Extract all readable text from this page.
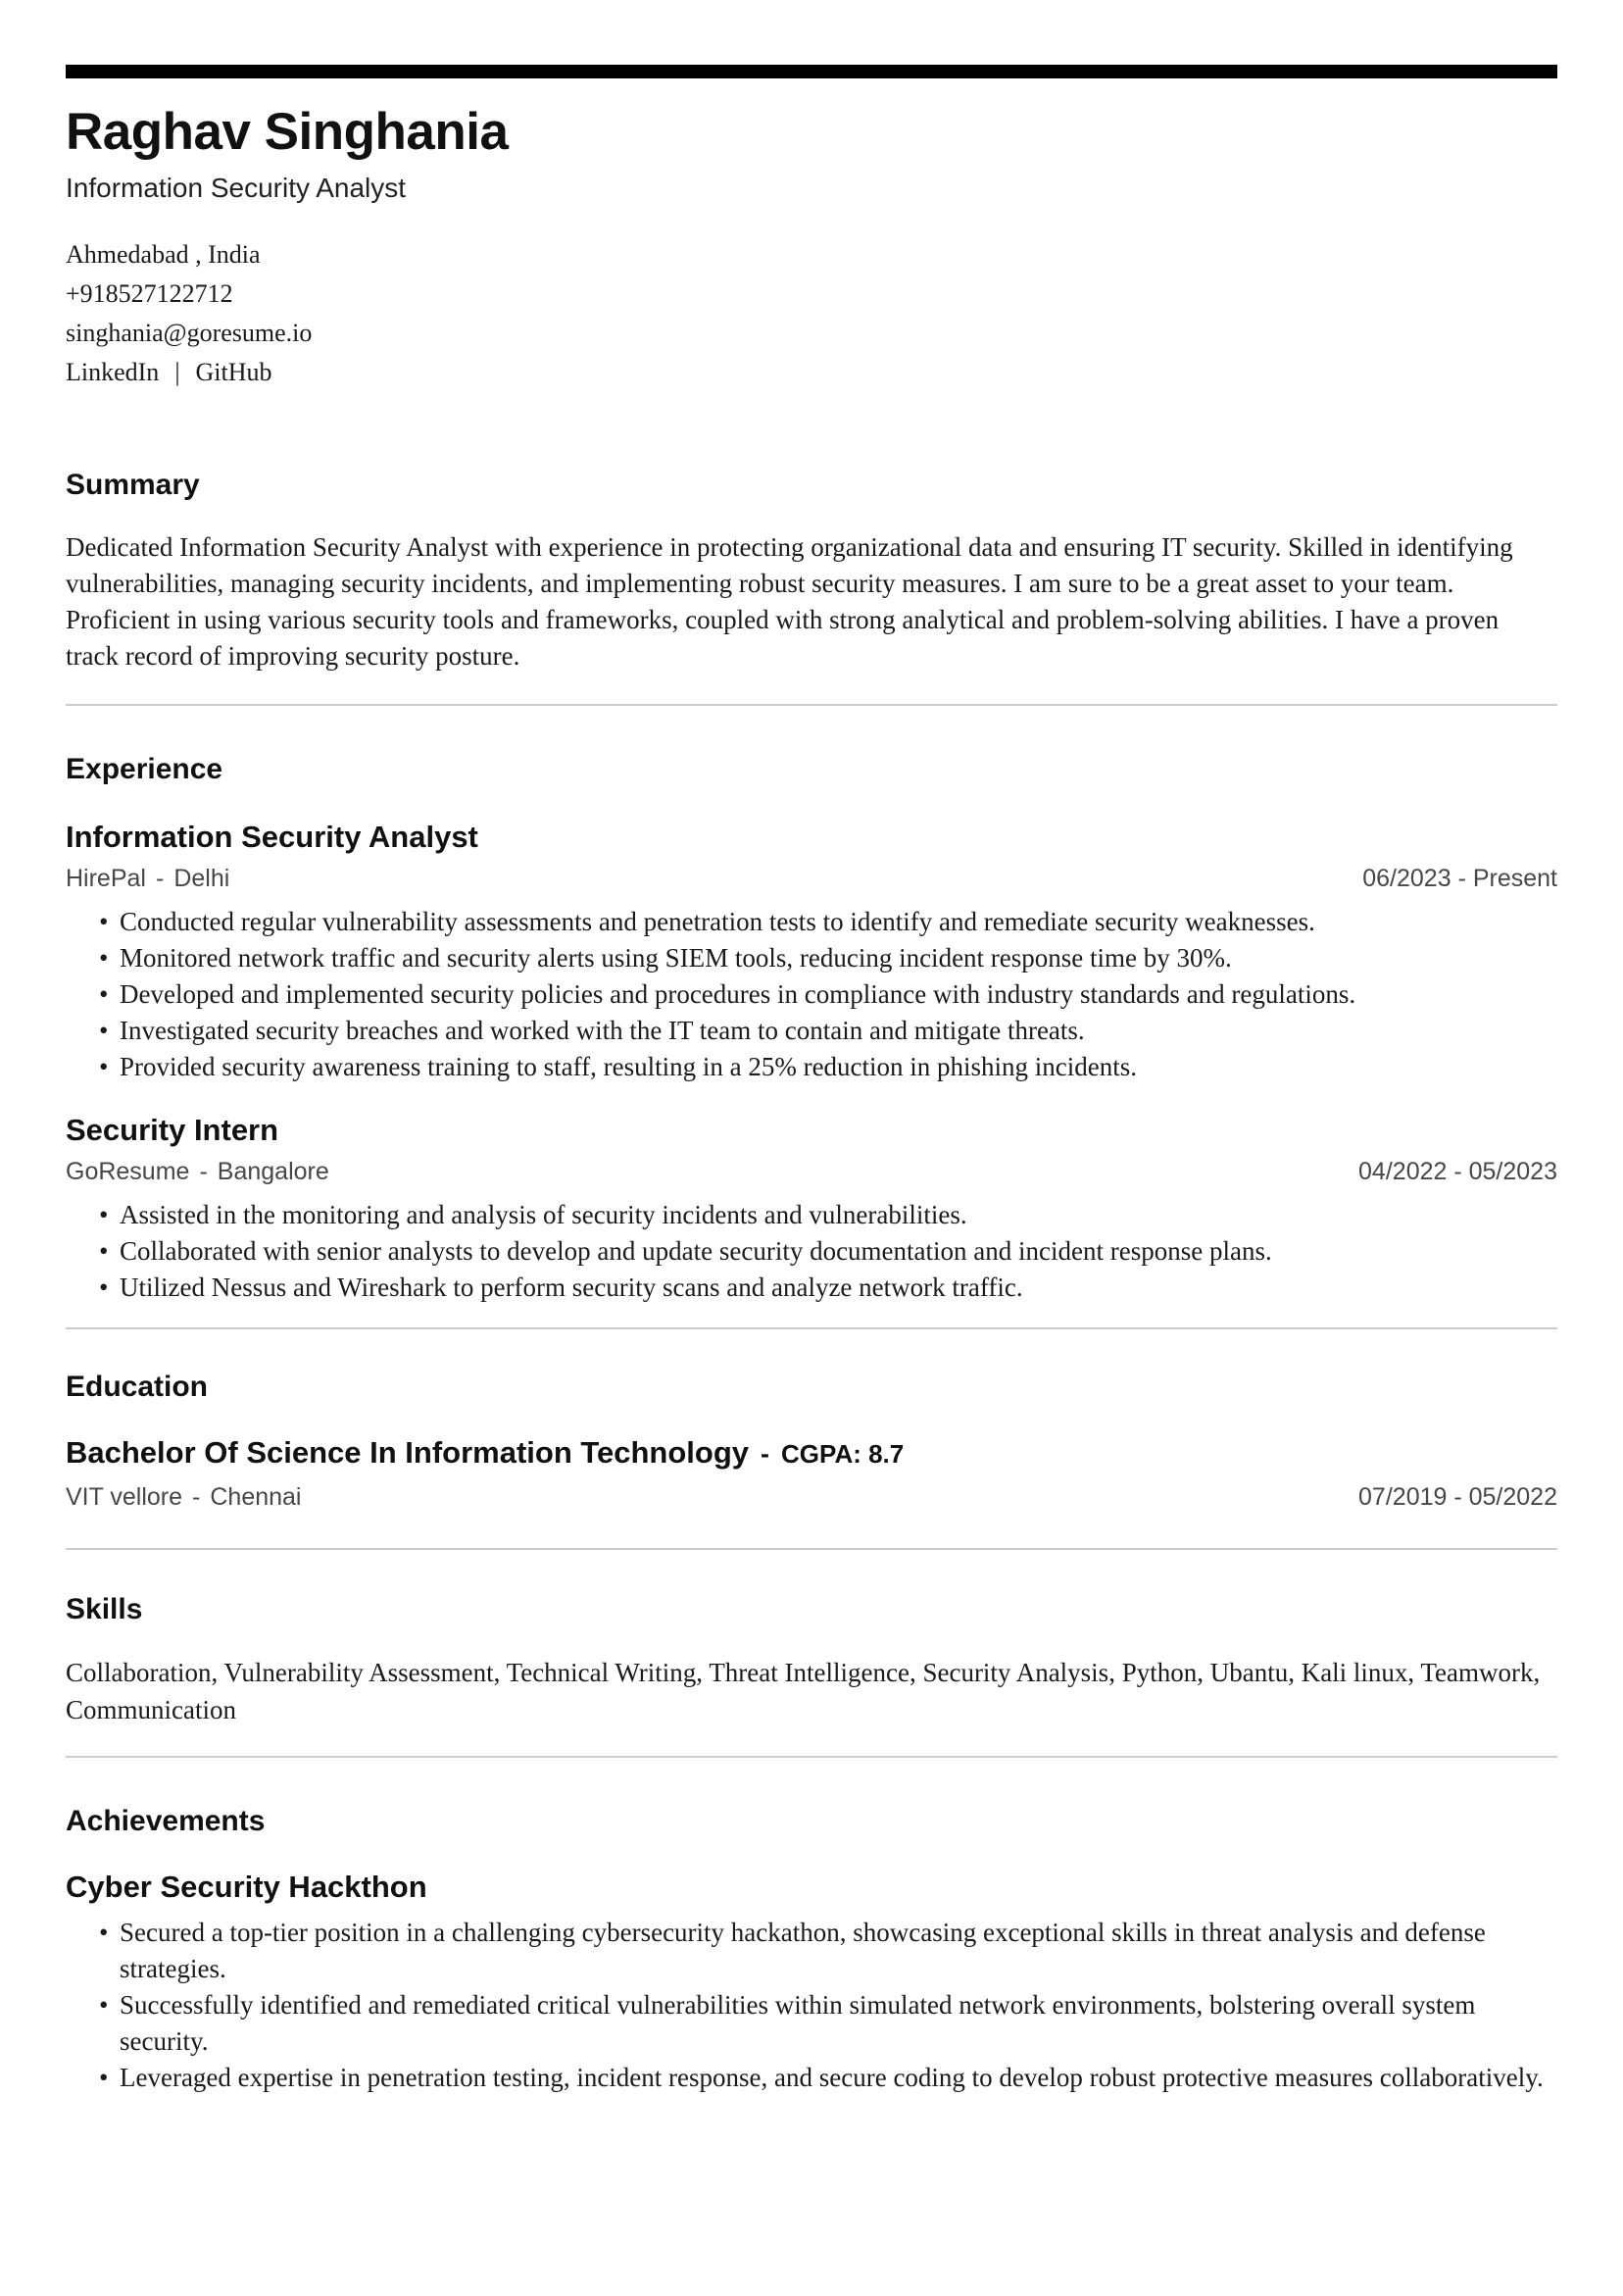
Raghav Singhania
Information Security Analyst
Ahmedabad , India
+918527122712
singhania@goresume.io
LinkedIn | GitHub
Summary
Dedicated Information Security Analyst with experience in protecting organizational data and ensuring IT security. Skilled in identifying vulnerabilities, managing security incidents, and implementing robust security measures. I am sure to be a great asset to your team. Proficient in using various security tools and frameworks, coupled with strong analytical and problem-solving abilities. I have a proven track record of improving security posture.
Experience
Information Security Analyst
HirePal - Delhi	06/2023 - Present
• Conducted regular vulnerability assessments and penetration tests to identify and remediate security weaknesses.
• Monitored network traffic and security alerts using SIEM tools, reducing incident response time by 30%.
• Developed and implemented security policies and procedures in compliance with industry standards and regulations.
• Investigated security breaches and worked with the IT team to contain and mitigate threats.
• Provided security awareness training to staff, resulting in a 25% reduction in phishing incidents.
Security Intern
GoResume - Bangalore	04/2022 - 05/2023
• Assisted in the monitoring and analysis of security incidents and vulnerabilities.
• Collaborated with senior analysts to develop and update security documentation and incident response plans.
• Utilized Nessus and Wireshark to perform security scans and analyze network traffic.
Education
Bachelor Of Science In Information Technology - CGPA: 8.7
VIT vellore - Chennai	07/2019 - 05/2022
Skills
Collaboration, Vulnerability Assessment, Technical Writing, Threat Intelligence, Security Analysis, Python, Ubantu, Kali linux, Teamwork, Communication
Achievements
Cyber Security Hackthon
• Secured a top-tier position in a challenging cybersecurity hackathon, showcasing exceptional skills in threat analysis and defense strategies.
• Successfully identified and remediated critical vulnerabilities within simulated network environments, bolstering overall system security.
• Leveraged expertise in penetration testing, incident response, and secure coding to develop robust protective measures collaboratively.
